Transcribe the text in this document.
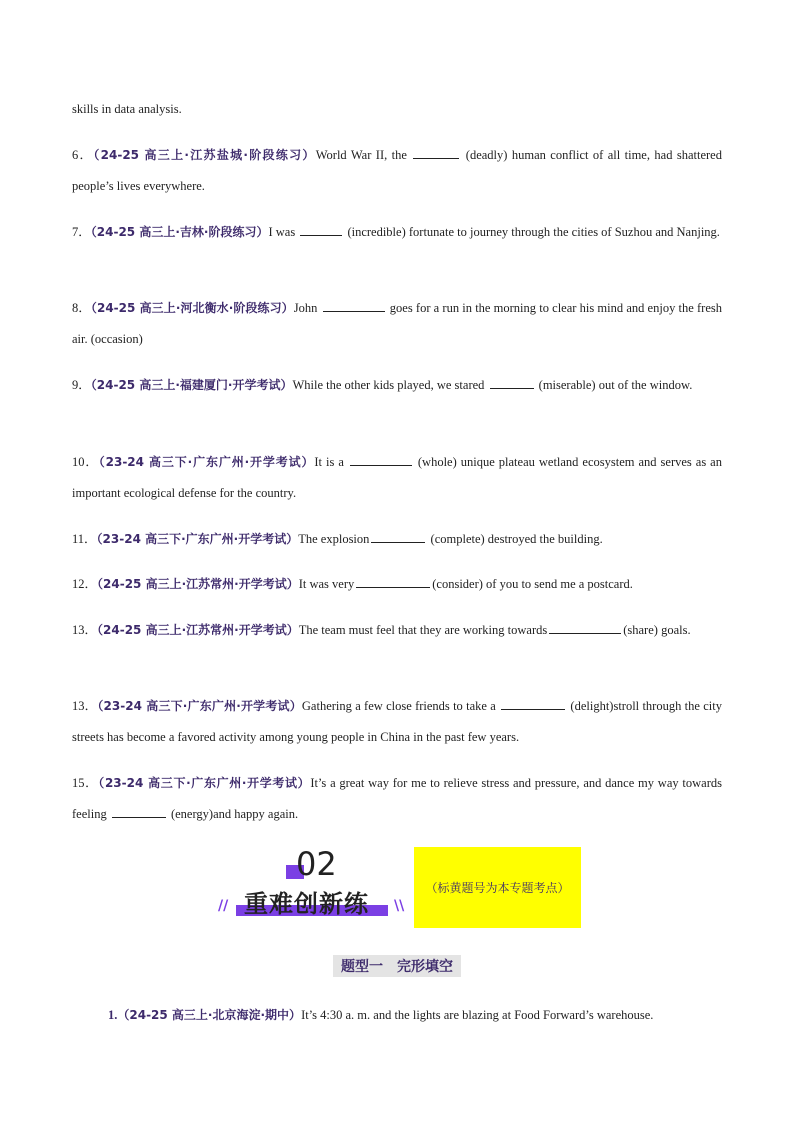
skills in data analysis.
6．（24-25 高三上·江苏盐城·阶段练习）World War II, the	(deadly) human conflict of all time, had shattered people’s lives everywhere.
7．（24-25 高三上·吉林·阶段练习）I was	(incredible) fortunate to journey through the cities of Suzhou and Nanjing.
8．（24-25 高三上·河北衡水·阶段练习）John	goes for a run in the morning to clear his mind and enjoy the fresh air. (occasion)
9．（24-25 高三上·福建厦门·开学考试）While the other kids played, we stared	(miserable) out of the window.
10．（23-24 高三下·广东广州·开学考试）It is a	(whole) unique plateau wetland ecosystem and serves as an important ecological defense for the country.
11．（23-24 高三下·广东广州·开学考试）The explosion	(complete) destroyed the building.
12．（24-25 高三上·江苏常州·开学考试）It was very	(consider) of you to send me a postcard.
13．（24-25 高三上·江苏常州·开学考试）The team must feel that they are working towards	(share) goals.
13．（23-24 高三下·广东广州·开学考试）Gathering a few close friends to take a	(delight)stroll through the city streets has become a favored activity among young people in China in the past few years.
15．（23-24 高三下·广东广州·开学考试）It’s a great way for me to relieve stress and pressure, and dance my way towards feeling	(energy)and happy again.
02
重难创新练
//	\\
（标黄题号为本专题考点）
题型一 完形填空
1.（24-25 高三上·北京海淀·期中）It’s 4:30 a. m. and the lights are blazing at Food Forward’s warehouse.
